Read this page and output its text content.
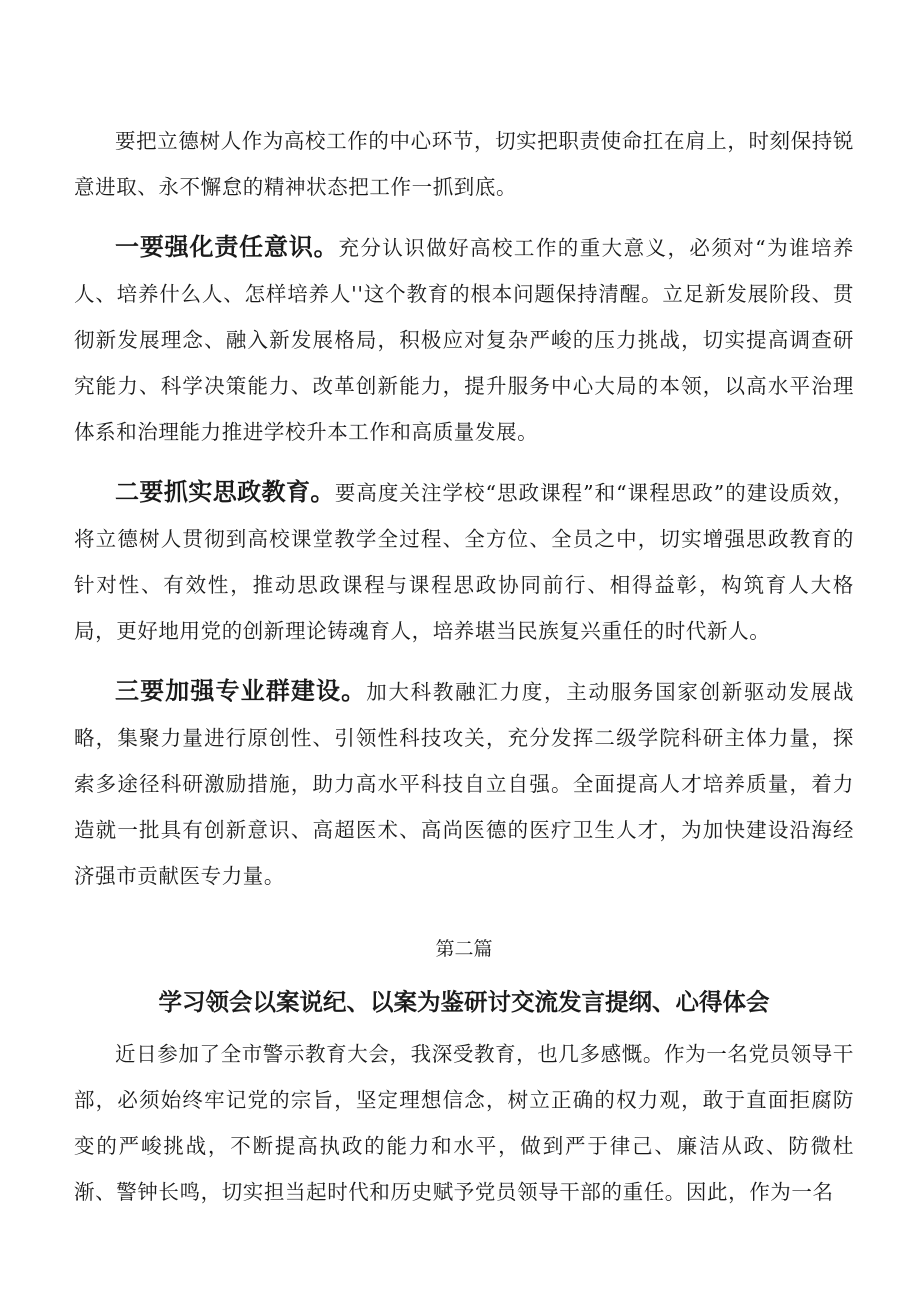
要把立德树人作为高校工作的中心环节，切实把职责使命扛在肩上，时刻保持锐意进取、永不懈怠的精神状态把工作一抓到底。

一要强化责任意识。充分认识做好高校工作的重大意义，必须对“为谁培养人、培养什么人、怎样培养人''这个教育的根本问题保持清醒。立足新发展阶段、贯彻新发展理念、融入新发展格局，积极应对复杂严峻的压力挑战，切实提高调查研究能力、科学决策能力、改革创新能力，提升服务中心大局的本领，以高水平治理体系和治理能力推进学校升本工作和高质量发展。

二要抓实思政教育。要高度关注学校“思政课程”和“课程思政”的建设质效，将立德树人贯彻到高校课堂教学全过程、全方位、全员之中，切实增强思政教育的针对性、有效性，推动思政课程与课程思政协同前行、相得益彰，构筑育人大格局，更好地用党的创新理论铸魂育人，培养堪当民族复兴重任的时代新人。

三要加强专业群建设。加大科教融汇力度，主动服务国家创新驱动发展战略，集聚力量进行原创性、引领性科技攻关，充分发挥二级学院科研主体力量，探索多途径科研激励措施，助力高水平科技自立自强。全面提高人才培养质量，着力造就一批具有创新意识、高超医术、高尚医德的医疗卫生人才，为加快建设沿海经济强市贡献医专力量。

第二篇
学习领会以案说纪、以案为鉴研讨交流发言提纲、心得体会

近日参加了全市警示教育大会，我深受教育，也几多感慨。作为一名党员领导干部，必须始终牢记党的宗旨，坚定理想信念，树立正确的权力观，敢于直面拒腐防变的严峻挑战，不断提高执政的能力和水平，做到严于律己、廉洁从政、防微杜渐、警钟长鸣，切实担当起时代和历史赋予党员领导干部的重任。因此，作为一名
